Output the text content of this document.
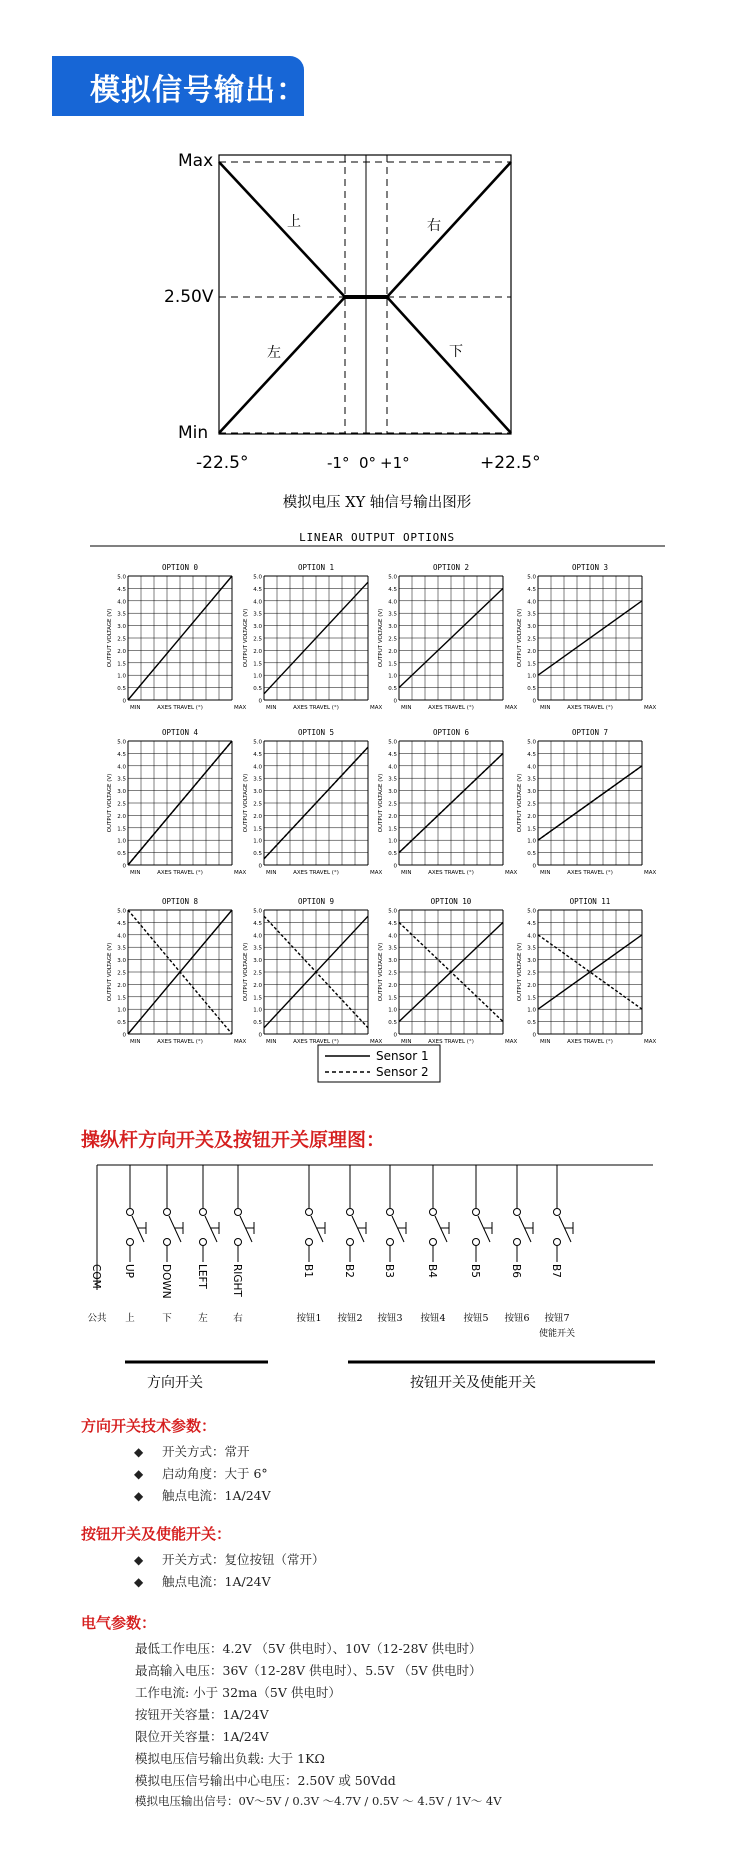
模拟信号输出：
Max
2.50V
Min
-22.5°	-1° 0° +1°	+22.5°
上	右
左	下
模拟电压 XY 轴信号输出图形
LINEAR OUTPUT OPTIONS
OPTION 0
0
0.5
1.0
1.5
2.0
2.5
3.0
3.5
4.0
4.5
5.0
OUTPUT VOLTAGE (V)
MIN	AXES TRAVEL (°)	MAX
OPTION 1
0
0.5
1.0
1.5
2.0
2.5
3.0
3.5
4.0
4.5
5.0
OUTPUT VOLTAGE (V)
MIN	AXES TRAVEL (°)	MAX
OPTION 2
0
0.5
1.0
1.5
2.0
2.5
3.0
3.5
4.0
4.5
5.0
OUTPUT VOLTAGE (V)
MIN	AXES TRAVEL (°)	MAX
OPTION 3
0
0.5
1.0
1.5
2.0
2.5
3.0
3.5
4.0
4.5
5.0
OUTPUT VOLTAGE (V)
MIN	AXES TRAVEL (°)	MAX
OPTION 4
0
0.5
1.0
1.5
2.0
2.5
3.0
3.5
4.0
4.5
5.0
OUTPUT VOLTAGE (V)
MIN	AXES TRAVEL (°)	MAX
OPTION 5
0
0.5
1.0
1.5
2.0
2.5
3.0
3.5
4.0
4.5
5.0
OUTPUT VOLTAGE (V)
MIN	AXES TRAVEL (°)	MAX
OPTION 6
0
0.5
1.0
1.5
2.0
2.5
3.0
3.5
4.0
4.5
5.0
OUTPUT VOLTAGE (V)
MIN	AXES TRAVEL (°)	MAX
OPTION 7
0
0.5
1.0
1.5
2.0
2.5
3.0
3.5
4.0
4.5
5.0
OUTPUT VOLTAGE (V)
MIN	AXES TRAVEL (°)	MAX
OPTION 8
0
0.5
1.0
1.5
2.0
2.5
3.0
3.5
4.0
4.5
5.0
OUTPUT VOLTAGE (V)
MIN	AXES TRAVEL (°)	MAX
OPTION 9
0
0.5
1.0
1.5
2.0
2.5
3.0
3.5
4.0
4.5
5.0
OUTPUT VOLTAGE (V)
MIN	AXES TRAVEL (°)	MAX
OPTION 10
0
0.5
1.0
1.5
2.0
2.5
3.0
3.5
4.0
4.5
5.0
OUTPUT VOLTAGE (V)
MIN	AXES TRAVEL (°)	MAX
OPTION 11
0
0.5
1.0
1.5
2.0
2.5
3.0
3.5
4.0
4.5
5.0
OUTPUT VOLTAGE (V)
MIN	AXES TRAVEL (°)	MAX
Sensor 1
Sensor 2
操纵杆方向开关及按钮开关原理图：
COM
公共
UP
上
DOWN
下
LEFT
左
RIGHT
右
B1
按钮1
B2
按钮2
B3
按钮3
B4
按钮4
B5
按钮5
B6
按钮6
B7
按钮7
使能开关
方向开关	按钮开关及使能开关
方向开关技术参数：
◆ 开关方式：常开
◆ 启动角度：大于 6°
◆ 触点电流：1A/24V
按钮开关及使能开关：
◆ 开关方式：复位按钮（常开）
◆ 触点电流：1A/24V
电气参数：
最低工作电压：4.2V （5V 供电时）、10V（12-28V 供电时）
最高输入电压：36V（12-28V 供电时）、5.5V （5V 供电时）
工作电流: 小于 32ma（5V 供电时）
按钮开关容量：1A/24V
限位开关容量：1A/24V
模拟电压信号输出负载: 大于 1KΩ
模拟电压信号输出中心电压：2.50V 或 50Vdd
模拟电压输出信号：0V～5V / 0.3V ～4.7V / 0.5V ～ 4.5V / 1V～ 4V
